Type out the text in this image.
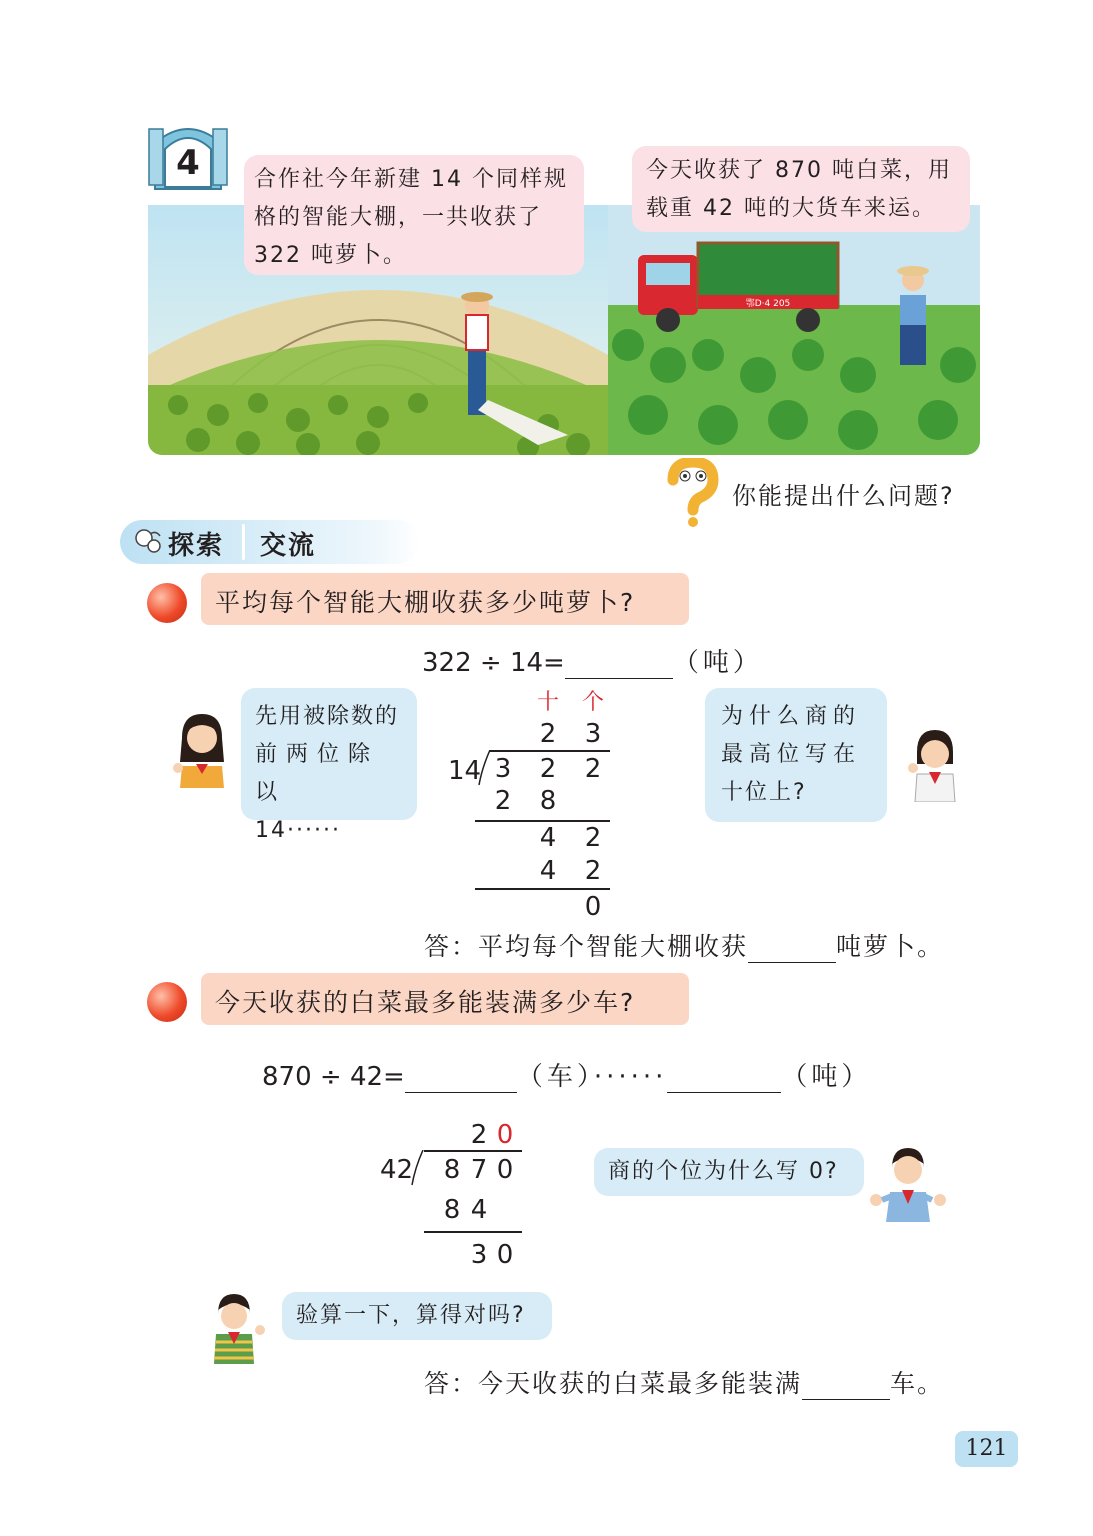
4
鄂D·4 205
合作社今年新建 14 个同样规格的智能大棚，一共收获了 322 吨萝卜。
今天收获了 870 吨白菜，用载重 42 吨的大货车来运。
你能提出什么问题?
探索 交流
平均每个智能大棚收获多少吨萝卜?
322 ÷ 14=	（吨）
十 个
2 3
14 3 2 2
2 8
4 2
4 2
0
先用被除数的
前两位除以
14······
为什么商的
最高位写在
十位上?
答：平均每个智能大棚收获	吨萝卜。
今天收获的白菜最多能装满多少车?
870 ÷ 42=	（车）······	（吨）
2 0
42 8 7 0
8 4
3 0
商的个位为什么写 0?
验算一下，算得对吗?
答：今天收获的白菜最多能装满	车。
121
